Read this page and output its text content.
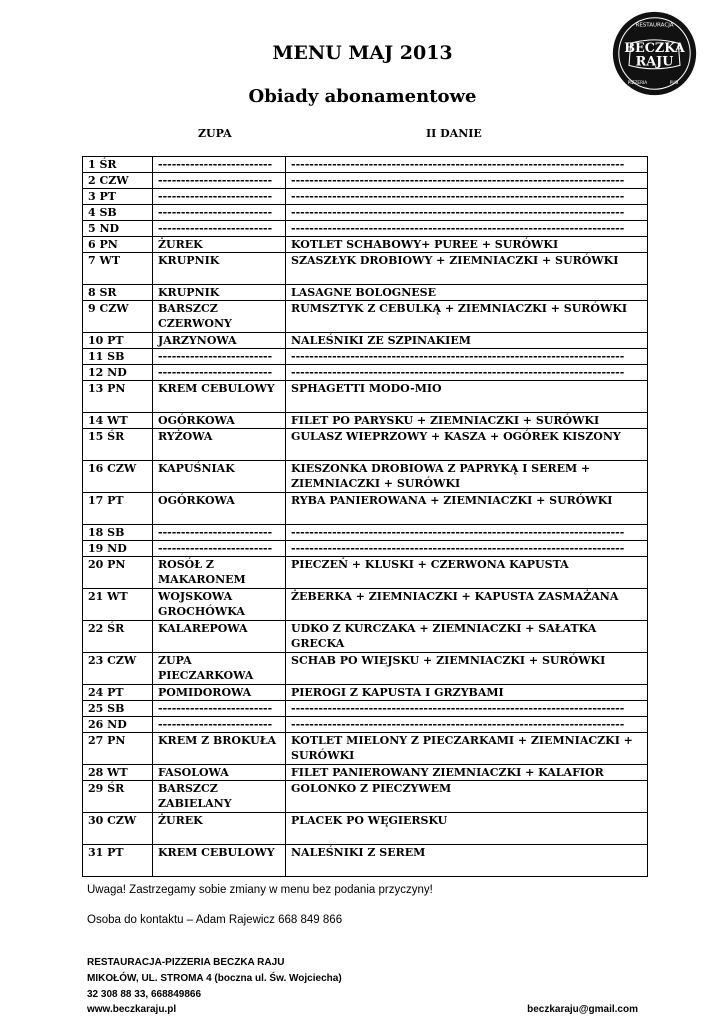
MENU MAJ 2013
Obiady abonamentowe
ZUPA	II DANIE
BECZKA
RAJU
RESTAURACJA
PIZZERIA	PUB
1 ŚR	-------------------------	-------------------------------------------------------------------------
2 CZW	-------------------------	-------------------------------------------------------------------------
3 PT	-------------------------	-------------------------------------------------------------------------
4 SB	-------------------------	-------------------------------------------------------------------------
5 ND	-------------------------	-------------------------------------------------------------------------
6 PN	ŻUREK	KOTLET SCHABOWY+ PUREE + SURÓWKI
7 WT	KRUPNIK	SZASZŁYK DROBIOWY + ZIEMNIACZKI + SURÓWKI
8 SR	KRUPNIK	LASAGNE BOLOGNESE
9 CZW	BARSZCZ CZERWONY	RUMSZTYK Z CEBULKĄ + ZIEMNIACZKI + SURÓWKI
10 PT	JARZYNOWA	NALEŚNIKI ZE SZPINAKIEM
11 SB	-------------------------	-------------------------------------------------------------------------
12 ND	-------------------------	-------------------------------------------------------------------------
13 PN	KREM CEBULOWY	SPHAGETTI MODO-MIO
14 WT	OGÓRKOWA	FILET PO PARYSKU + ZIEMNIACZKI + SURÓWKI
15 ŚR	RYŻOWA	GULASZ WIEPRZOWY + KASZA + OGÓREK KISZONY
16 CZW	KAPUŚNIAK	KIESZONKA DROBIOWA Z PAPRYKĄ I SEREM + ZIEMNIACZKI + SURÓWKI
17 PT	OGÓRKOWA	RYBA PANIEROWANA + ZIEMNIACZKI + SURÓWKI
18 SB	-------------------------	-------------------------------------------------------------------------
19 ND	-------------------------	-------------------------------------------------------------------------
20 PN	ROSÓŁ Z MAKARONEM	PIECZEŃ + KLUSKI + CZERWONA KAPUSTA
21 WT	WOJSKOWA GROCHÓWKA	ŻEBERKA + ZIEMNIACZKI + KAPUSTA ZASMAŻANA
22 ŚR	KALAREPOWA	UDKO Z KURCZAKA + ZIEMNIACZKI + SAŁATKA GRECKA
23 CZW	ZUPA PIECZARKOWA	SCHAB PO WIEJSKU + ZIEMNIACZKI + SURÓWKI
24 PT	POMIDOROWA	PIEROGI Z KAPUSTA I GRZYBAMI
25 SB	-------------------------	-------------------------------------------------------------------------
26 ND	-------------------------	-------------------------------------------------------------------------
27 PN	KREM Z BROKUŁA	KOTLET MIELONY Z PIECZARKAMI + ZIEMNIACZKI + SURÓWKI
28 WT	FASOLOWA	FILET PANIEROWANY ZIEMNIACZKI + KALAFIOR
29 ŚR	BARSZCZ ZABIELANY	GOLONKO Z PIECZYWEM
30 CZW	ŻUREK	PLACEK PO WĘGIERSKU
31 PT	KREM CEBULOWY	NALEŚNIKI Z SEREM
Uwaga! Zastrzegamy sobie zmiany w menu bez podania przyczyny!
Osoba do kontaktu – Adam Rajewicz 668 849 866
RESTAURACJA-PIZZERIA BECZKA RAJU
MIKOŁÓW, UL. STROMA 4 (boczna ul. Św. Wojciecha)
32 308 88 33, 668849866
www.beczkaraju.pl	beczkaraju@gmail.com
